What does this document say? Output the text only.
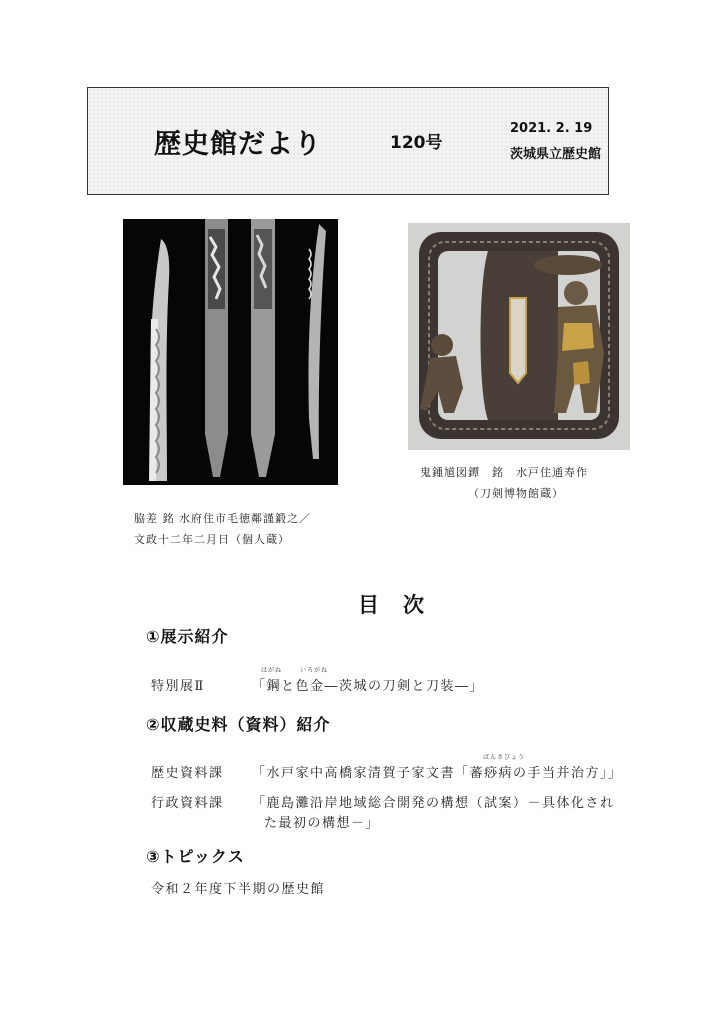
歴史館だより	120号
2021. 2. 19
茨城県立歴史館
脇差 銘 水府住市毛徳鄰謹鍛之／
文政十二年二月日（個人蔵）
鬼鍾馗図鐔　銘　水戸住通寿作
（刀剣博物館蔵）
目次
①展示紹介
はがね	いろがね
特別展Ⅱ	「鋼と色金―茨城の刀剣と刀装―」
②収蔵史料（資料）紹介
ばんさびょう
歴史資料課 「水戸家中高橋家清賀子家文書「蕃痧病の手当并治方」」
行政資料課 「鹿島灘沿岸地域総合開発の構想（試案）－具体化され
た最初の構想－」
③トピックス
令和２年度下半期の歴史館
